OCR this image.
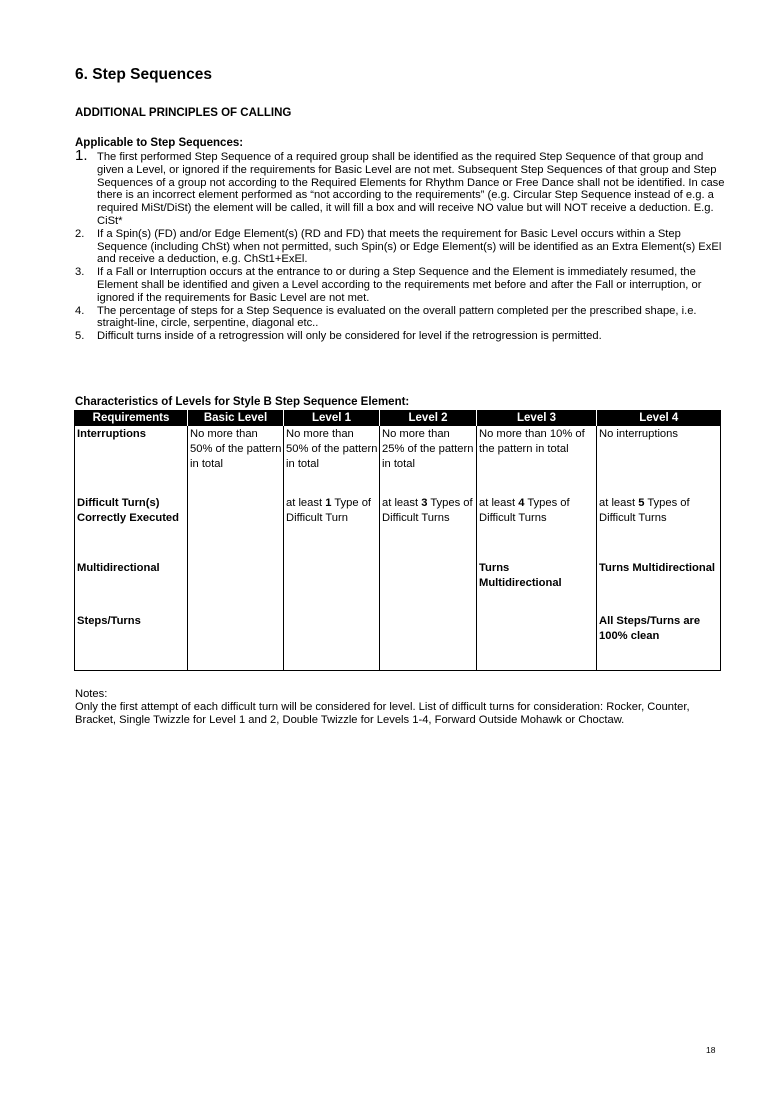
6. Step Sequences
ADDITIONAL PRINCIPLES OF CALLING
Applicable to Step Sequences:
1. The first performed Step Sequence of a required group shall be identified as the required Step Sequence of that group and given a Level, or ignored if the requirements for Basic Level are not met. Subsequent Step Sequences of that group and Step Sequences of a group not according to the Required Elements for Rhythm Dance or Free Dance shall not be identified. In case there is an incorrect element performed as “not according to the requirements” (e.g. Circular Step Sequence instead of e.g. a required MiSt/DiSt) the element will be called, it will fill a box and will receive NO value but will NOT receive a deduction. E.g. CiSt*
2. If a Spin(s) (FD) and/or Edge Element(s) (RD and FD) that meets the requirement for Basic Level occurs within a Step Sequence (including ChSt) when not permitted, such Spin(s) or Edge Element(s) will be identified as an Extra Element(s) ExEl and receive a deduction, e.g. ChSt1+ExEl.
3. If a Fall or Interruption occurs at the entrance to or during a Step Sequence and the Element is immediately resumed, the Element shall be identified and given a Level according to the requirements met before and after the Fall or interruption, or ignored if the requirements for Basic Level are not met.
4. The percentage of steps for a Step Sequence is evaluated on the overall pattern completed per the prescribed shape, i.e. straight-line, circle, serpentine, diagonal etc..
5. Difficult turns inside of a retrogression will only be considered for level if the retrogression is permitted.
Characteristics of Levels for Style B Step Sequence Element:
Requirements	Basic Level	Level 1	Level 2	Level 3	Level 4
Interruptions	No more than 50% of the pattern in total	No more than 50% of the pattern in total	No more than 25% of the pattern in total	No more than 10% of the pattern in total	No interruptions
Difficult Turn(s) Correctly Executed		at least 1 Type of Difficult Turn	at least 3 Types of Difficult Turns	at least 4 Types of Difficult Turns	at least 5 Types of Difficult Turns
Multidirectional				Turns Multidirectional	Turns Multidirectional
Steps/Turns					All Steps/Turns are 100% clean
Notes:
Only the first attempt of each difficult turn will be considered for level. List of difficult turns for consideration: Rocker, Counter, Bracket, Single Twizzle for Level 1 and 2, Double Twizzle for Levels 1-4, Forward Outside Mohawk or Choctaw.
18
